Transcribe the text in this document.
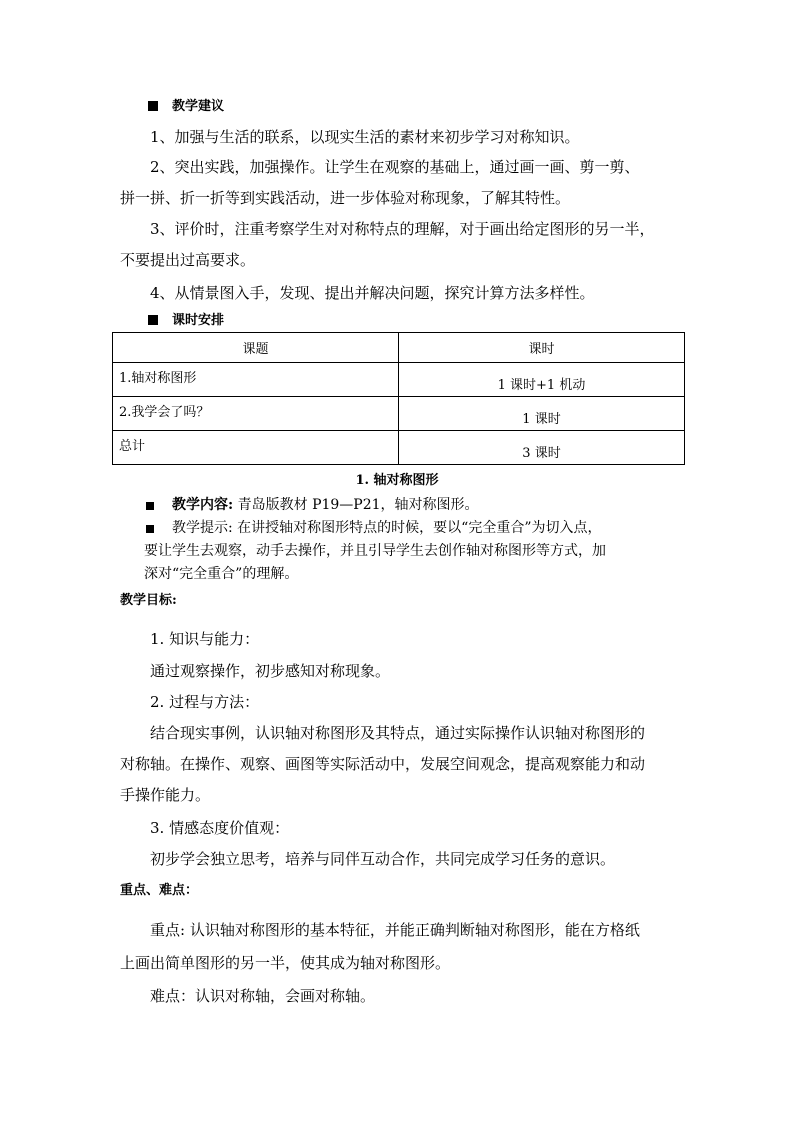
教学建议
1、加强与生活的联系，以现实生活的素材来初步学习对称知识。
2、突出实践，加强操作。让学生在观察的基础上，通过画一画、剪一剪、
拼一拼、折一折等到实践活动，进一步体验对称现象，了解其特性。
3、评价时，注重考察学生对对称特点的理解，对于画出给定图形的另一半，
不要提出过高要求。
4、从情景图入手，发现、提出并解决问题，探究计算方法多样性。
课时安排
课题	课时
1.轴对称图形	1 课时+1 机动
2.我学会了吗？	1 课时
总计	3 课时
1. 轴对称图形
教学内容: 青岛版教材 P19—P21，轴对称图形。
教学提示: 在讲授轴对称图形特点的时候，要以“完全重合”为切入点，
要让学生去观察，动手去操作，并且引导学生去创作轴对称图形等方式，加
深对“完全重合”的理解。
教学目标:
1. 知识与能力：
通过观察操作，初步感知对称现象。
2. 过程与方法：
结合现实事例，认识轴对称图形及其特点，通过实际操作认识轴对称图形的
对称轴。在操作、观察、画图等实际活动中，发展空间观念，提高观察能力和动
手操作能力。
3. 情感态度价值观：
初步学会独立思考，培养与同伴互动合作，共同完成学习任务的意识。
重点、难点：
重点: 认识轴对称图形的基本特征，并能正确判断轴对称图形，能在方格纸
上画出简单图形的另一半，使其成为轴对称图形。
难点：认识对称轴，会画对称轴。
